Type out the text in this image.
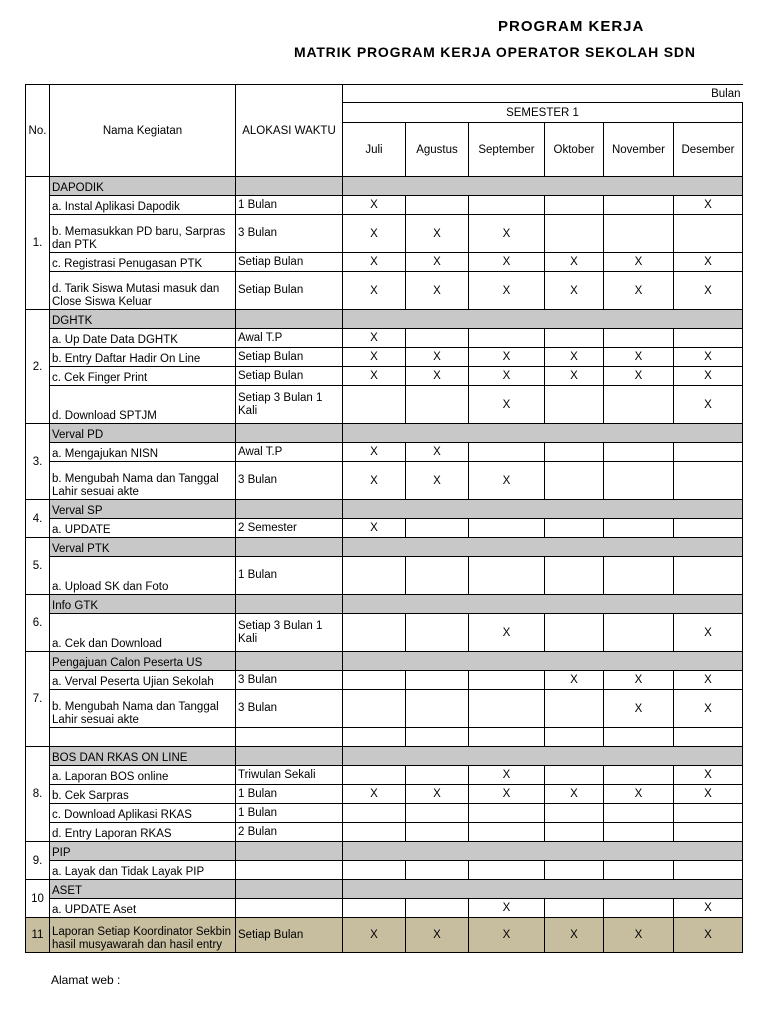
PROGRAM KERJA
MATRIK PROGRAM KERJA OPERATOR SEKOLAH SDN
No.	Nama Kegiatan	ALOKASI WAKTU	Bulan					
			SEMESTER 1					
			Juli	Agustus	September	Oktober	November	Desember
1.	DAPODIK							
	a. Instal Aplikasi Dapodik	1 Bulan	X					X
	b. Memasukkan PD baru, Sarpras dan PTK	3 Bulan	X	X	X			
	c. Registrasi Penugasan PTK	Setiap Bulan	X	X	X	X	X	X
	d. Tarik Siswa Mutasi masuk dan Close Siswa Keluar	Setiap Bulan	X	X	X	X	X	X
2.	DGHTK							
	a. Up Date Data DGHTK	Awal T.P	X					
	b. Entry Daftar Hadir On Line	Setiap Bulan	X	X	X	X	X	X
	c. Cek Finger Print	Setiap Bulan	X	X	X	X	X	X
	d. Download SPTJM	Setiap 3 Bulan 1 Kali			X			X
3.	Verval PD							
	a. Mengajukan NISN	Awal T.P	X	X				
	b. Mengubah Nama dan Tanggal Lahir sesuai akte	3 Bulan	X	X	X			
4.	Verval SP							
	a. UPDATE	2 Semester	X					
5.	Verval PTK							
	a. Upload SK dan Foto	1 Bulan						
6.	Info GTK							
	a. Cek dan Download	Setiap 3 Bulan 1 Kali			X			X
7.	Pengajuan Calon Peserta US							
	a. Verval Peserta Ujian Sekolah	3 Bulan				X	X	X
	b. Mengubah Nama dan Tanggal Lahir sesuai akte	3 Bulan					X	X

8.	BOS DAN RKAS ON LINE							
	a. Laporan BOS online	Triwulan Sekali			X			X
	b. Cek Sarpras	1 Bulan	X	X	X	X	X	X
	c. Download Aplikasi RKAS	1 Bulan						
	d. Entry Laporan RKAS	2 Bulan						
9.	PIP							
	a. Layak dan Tidak Layak PIP							
10	ASET							
	a. UPDATE Aset				X			X
11	Laporan Setiap Koordinator Sekbin hasil musyawarah dan hasil entry	Setiap Bulan	X	X	X	X	X	X
Alamat web :
